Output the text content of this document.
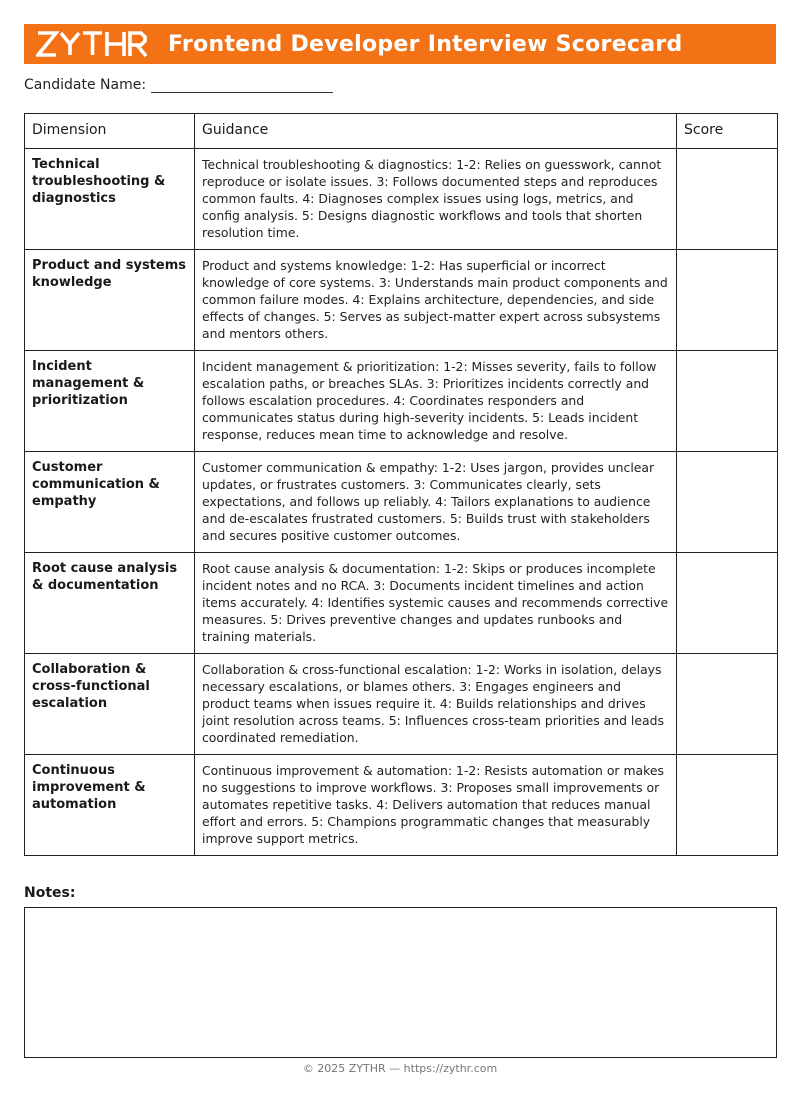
Frontend Developer Interview Scorecard
Candidate Name:
Dimension	Guidance	Score
Technical troubleshooting & diagnostics	Technical troubleshooting & diagnostics: 1-2: Relies on guesswork, cannot reproduce or isolate issues. 3: Follows documented steps and reproduces common faults. 4: Diagnoses complex issues using logs, metrics, and config analysis. 5: Designs diagnostic workflows and tools that shorten resolution time.	
Product and systems knowledge	Product and systems knowledge: 1-2: Has superficial or incorrect knowledge of core systems. 3: Understands main product components and common failure modes. 4: Explains architecture, dependencies, and side effects of changes. 5: Serves as subject-matter expert across subsystems and mentors others.	
Incident management & prioritization	Incident management & prioritization: 1-2: Misses severity, fails to follow escalation paths, or breaches SLAs. 3: Prioritizes incidents correctly and follows escalation procedures. 4: Coordinates responders and communicates status during high-severity incidents. 5: Leads incident response, reduces mean time to acknowledge and resolve.	
Customer communication & empathy	Customer communication & empathy: 1-2: Uses jargon, provides unclear updates, or frustrates customers. 3: Communicates clearly, sets expectations, and follows up reliably. 4: Tailors explanations to audience and de-escalates frustrated customers. 5: Builds trust with stakeholders and secures positive customer outcomes.	
Root cause analysis & documentation	Root cause analysis & documentation: 1-2: Skips or produces incomplete incident notes and no RCA. 3: Documents incident timelines and action items accurately. 4: Identifies systemic causes and recommends corrective measures. 5: Drives preventive changes and updates runbooks and training materials.	
Collaboration & cross-functional escalation	Collaboration & cross-functional escalation: 1-2: Works in isolation, delays necessary escalations, or blames others. 3: Engages engineers and product teams when issues require it. 4: Builds relationships and drives joint resolution across teams. 5: Influences cross-team priorities and leads coordinated remediation.	
Continuous improvement & automation	Continuous improvement & automation: 1-2: Resists automation or makes no suggestions to improve workflows. 3: Proposes small improvements or automates repetitive tasks. 4: Delivers automation that reduces manual effort and errors. 5: Champions programmatic changes that measurably improve support metrics.	
Notes:
© 2025 ZYTHR — https://zythr.com
